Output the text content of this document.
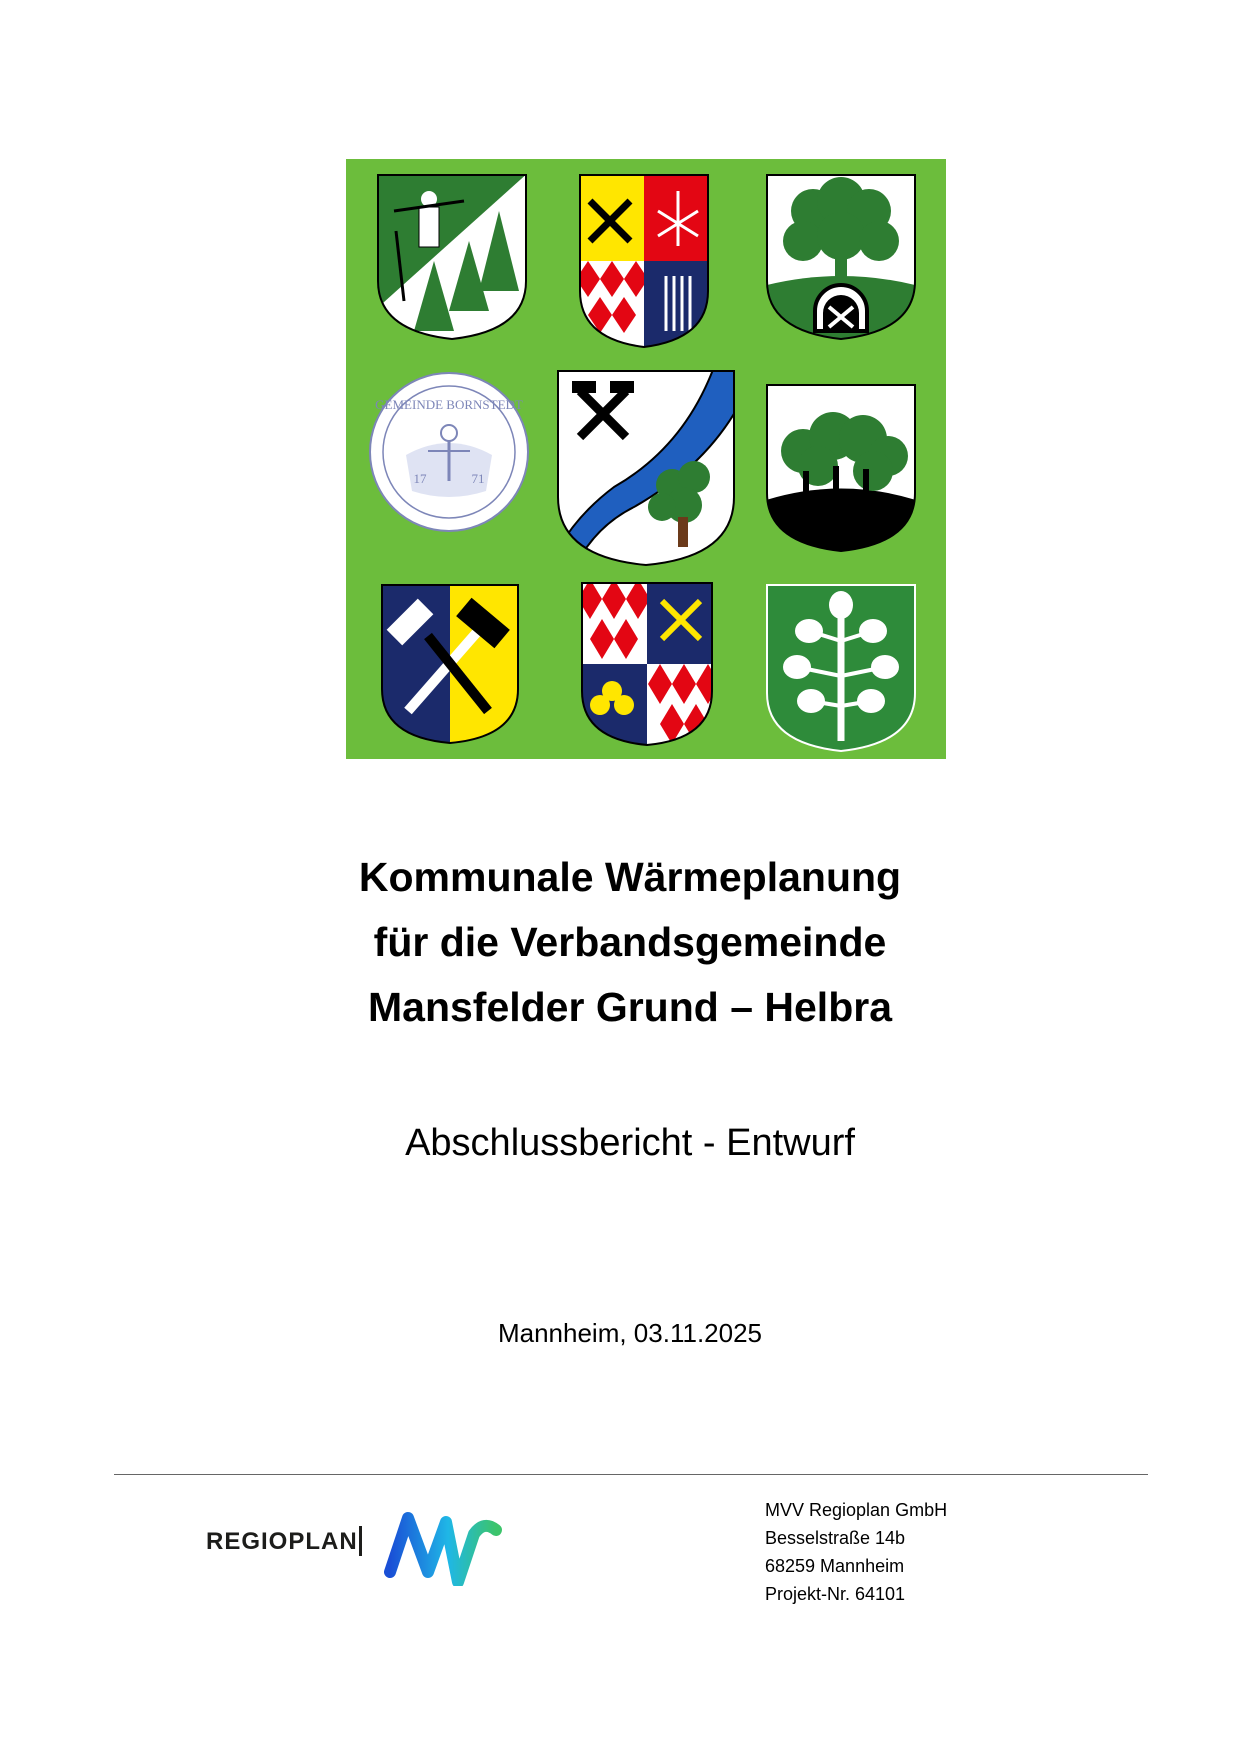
GEMEINDE BORNSTEDT
17	71
Kommunale Wärmeplanung
für die Verbandsgemeinde
Mansfelder Grund – Helbra
Abschlussbericht - Entwurf
Mannheim, 03.11.2025
REGIOPLAN
MVV Regioplan GmbH
Besselstraße 14b
68259 Mannheim
Projekt-Nr. 64101
